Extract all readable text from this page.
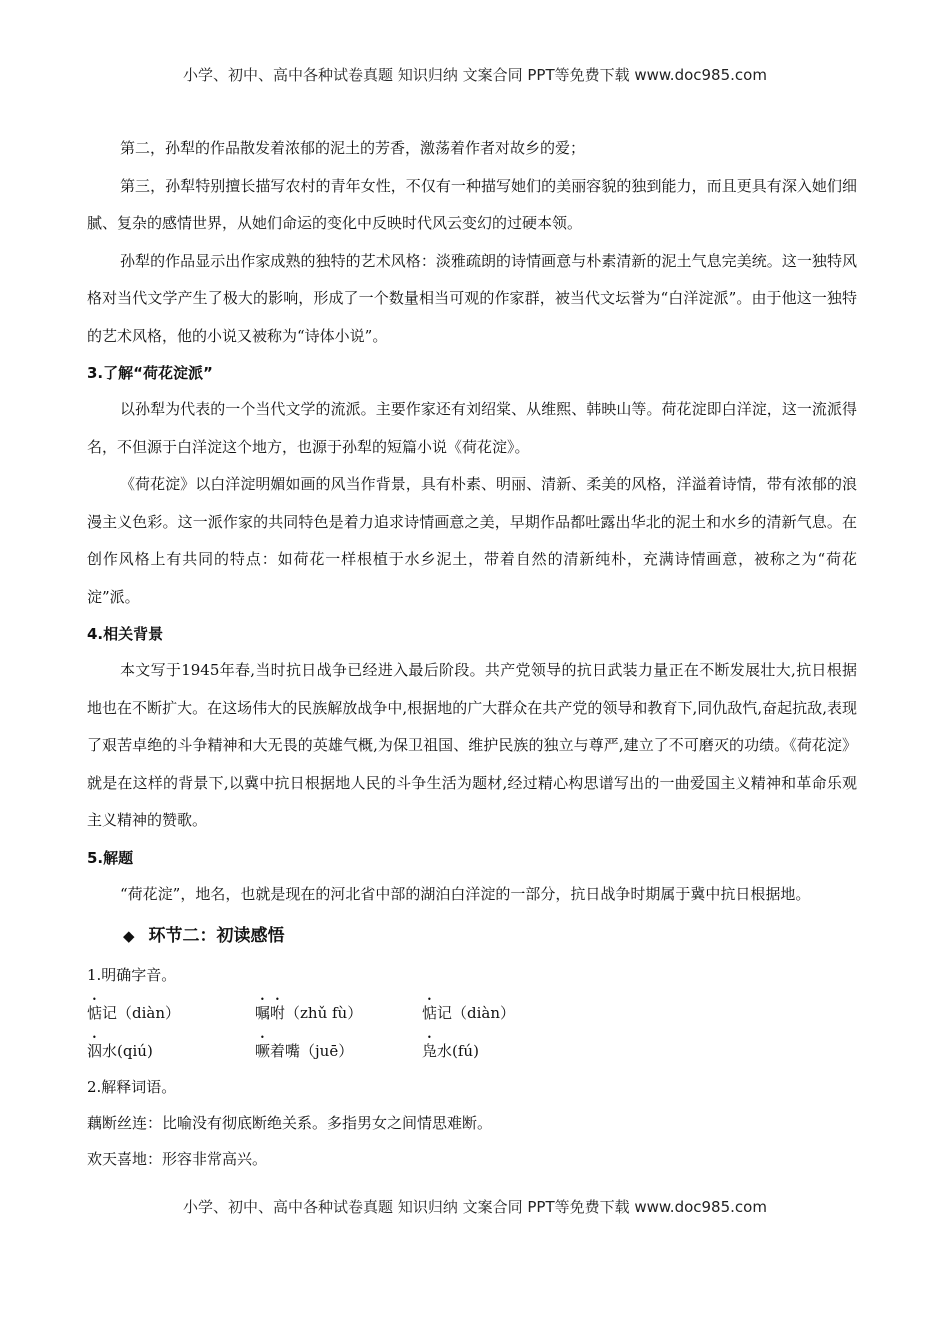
小学、初中、高中各种试卷真题 知识归纳 文案合同 PPT等免费下载 www.doc985.com

第二，孙犁的作品散发着浓郁的泥土的芳香，激荡着作者对故乡的爱；

第三，孙犁特别擅长描写农村的青年女性，不仅有一种描写她们的美丽容貌的独到能力，而且更具有深入她们细腻、复杂的感情世界，从她们命运的变化中反映时代风云变幻的过硬本领。

孙犁的作品显示出作家成熟的独特的艺术风格：淡雅疏朗的诗情画意与朴素清新的泥土气息完美统。这一独特风格对当代文学产生了极大的影响，形成了一个数量相当可观的作家群，被当代文坛誉为“白洋淀派”。由于他这一独特的艺术风格，他的小说又被称为“诗体小说”。

3.了解“荷花淀派”

以孙犁为代表的一个当代文学的流派。主要作家还有刘绍棠、从维熙、韩映山等。荷花淀即白洋淀，这一流派得名，不但源于白洋淀这个地方，也源于孙犁的短篇小说《荷花淀》。

《荷花淀》以白洋淀明媚如画的风当作背景，具有朴素、明丽、清新、柔美的风格，洋溢着诗情，带有浓郁的浪漫主义色彩。这一派作家的共同特色是着力追求诗情画意之美，早期作品都吐露出华北的泥土和水乡的清新气息。在创作风格上有共同的特点：如荷花一样根植于水乡泥土，带着自然的清新纯朴，充满诗情画意，被称之为“荷花淀”派。

4.相关背景

本文写于1945年春,当时抗日战争已经进入最后阶段。共产党领导的抗日武装力量正在不断发展壮大,抗日根据地也在不断扩大。在这场伟大的民族解放战争中,根据地的广大群众在共产党的领导和教育下,同仇敌忾,奋起抗敌,表现了艰苦卓绝的斗争精神和大无畏的英雄气概,为保卫祖国、维护民族的独立与尊严,建立了不可磨灭的功绩。《荷花淀》就是在这样的背景下,以冀中抗日根据地人民的斗争生活为题材,经过精心构思谱写出的一曲爱国主义精神和革命乐观主义精神的赞歌。

5.解题

“荷花淀”，地名，也就是现在的河北省中部的湖泊白洋淀的一部分，抗日战争时期属于冀中抗日根据地。

◆ 环节二：初读感悟
1.明确字音。
惦记（diàn）	嘱咐（zhǔ fù）	惦记（diàn）
泅水(qiú)	噘着嘴（juē）	凫水(fú)
2.解释词语。
藕断丝连：比喻没有彻底断绝关系。多指男女之间情思难断。
欢天喜地：形容非常高兴。
小学、初中、高中各种试卷真题 知识归纳 文案合同 PPT等免费下载 www.doc985.com
